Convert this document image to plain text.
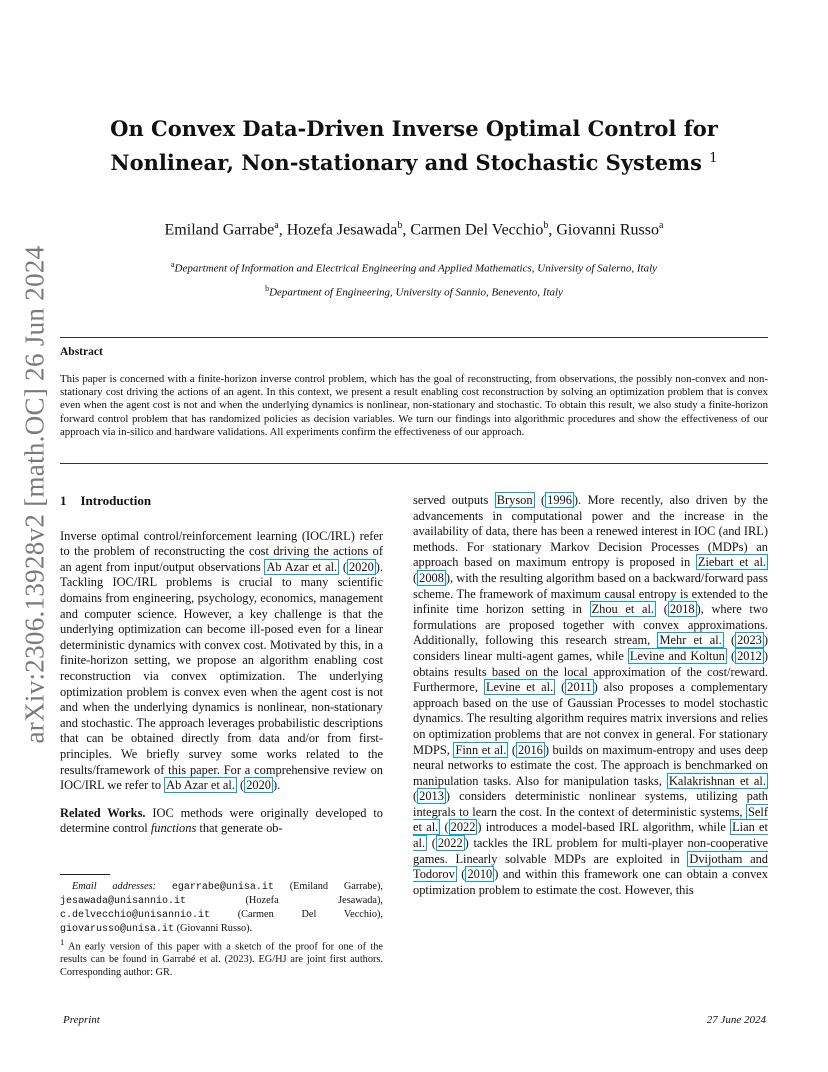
arXiv:2306.13928v2 [math.OC] 26 Jun 2024
On Convex Data-Driven Inverse Optimal Control for
Nonlinear, Non-stationary and Stochastic Systems $^1$
Emiland Garrabe$^a$, Hozefa Jesawada$^b$, Carmen Del Vecchio$^b$, Giovanni Russo$^a$
$^a$Department of Information and Electrical Engineering and Applied Mathematics, University of Salerno, Italy
$^b$Department of Engineering, University of Sannio, Benevento, Italy
Abstract
This paper is concerned with a finite-horizon inverse control problem, which has the goal of reconstructing, from observations, the possibly non-convex and non-stationary cost driving the actions of an agent. In this context, we present a result enabling cost reconstruction by solving an optimization problem that is convex even when the agent cost is not and when the underlying dynamics is nonlinear, non-stationary and stochastic. To obtain this result, we also study a finite-horizon forward control problem that has randomized policies as decision variables. We turn our findings into algorithmic procedures and show the effectiveness of our approach via in-silico and hardware validations. All experiments confirm the effectiveness of our approach.
1 Introduction

Inverse optimal control/reinforcement learning (IOC/IRL) refer to the problem of reconstructing the cost driving the actions of an agent from input/output observations Ab Azar et al. ( 2020 ). Tackling IOC/IRL problems is crucial to many scientific domains from engineering, psychology, economics, management and computer science. However, a key challenge is that the underlying optimization can become ill-posed even for a linear deterministic dynamics with convex cost. Motivated by this, in a finite-horizon setting, we propose an algorithm enabling cost reconstruction via convex optimization. The underlying optimization problem is convex even when the agent cost is not and when the underlying dynamics is nonlinear, non-stationary and stochastic. The approach leverages probabilistic descriptions that can be obtained directly from data and/or from first-principles. We briefly survey some works related to the results/framework of this paper. For a comprehensive review on IOC/IRL we refer to Ab Azar et al. ( 2020 ).

Related Works. IOC methods were originally developed to determine control functions that generate ob-

served outputs Bryson ( 1996 ). More recently, also driven by the advancements in computational power and the increase in the availability of data, there has been a renewed interest in IOC (and IRL) methods. For stationary Markov Decision Processes (MDPs) an approach based on maximum entropy is proposed in Ziebart et al. ( 2008 ), with the resulting algorithm based on a backward/forward pass scheme. The framework of maximum causal entropy is extended to the infinite time horizon setting in Zhou et al. ( 2018 ), where two formulations are proposed together with convex approximations. Additionally, following this research stream, Mehr et al. ( 2023 ) considers linear multi-agent games, while Levine and Koltun ( 2012 ) obtains results based on the local approximation of the cost/reward. Furthermore, Levine et al. ( 2011 ) also proposes a complementary approach based on the use of Gaussian Processes to model stochastic dynamics. The resulting algorithm requires matrix inversions and relies on optimization problems that are not convex in general. For stationary MDPS, Finn et al. ( 2016 ) builds on maximum-entropy and uses deep neural networks to estimate the cost. The approach is benchmarked on manipulation tasks. Also for manipulation tasks, Kalakrishnan et al. ( 2013 ) considers deterministic nonlinear systems, utilizing path integrals to learn the cost. In the context of deterministic systems, Self et al. ( 2022 ) introduces a model-based IRL algorithm, while Lian et al. ( 2022 ) tackles the IRL problem for multi-player non-cooperative games. Linearly solvable MDPs are exploited in Dvijotham and Todorov ( 2010 ) and within this framework one can obtain a convex optimization problem to estimate the cost. However, this

Email addresses: egarrabe@unisa.it (Emiland Garrabe), jesawada@unisannio.it (Hozefa Jesawada), c.delvecchio@unisannio.it (Carmen Del Vecchio), giovarusso@unisa.it (Giovanni Russo).

$^1$ An early version of this paper with a sketch of the proof for one of the results can be found in Garrabé et al. (2023). EG/HJ are joint first authors. Corresponding author: GR.

Preprint	27 June 2024
